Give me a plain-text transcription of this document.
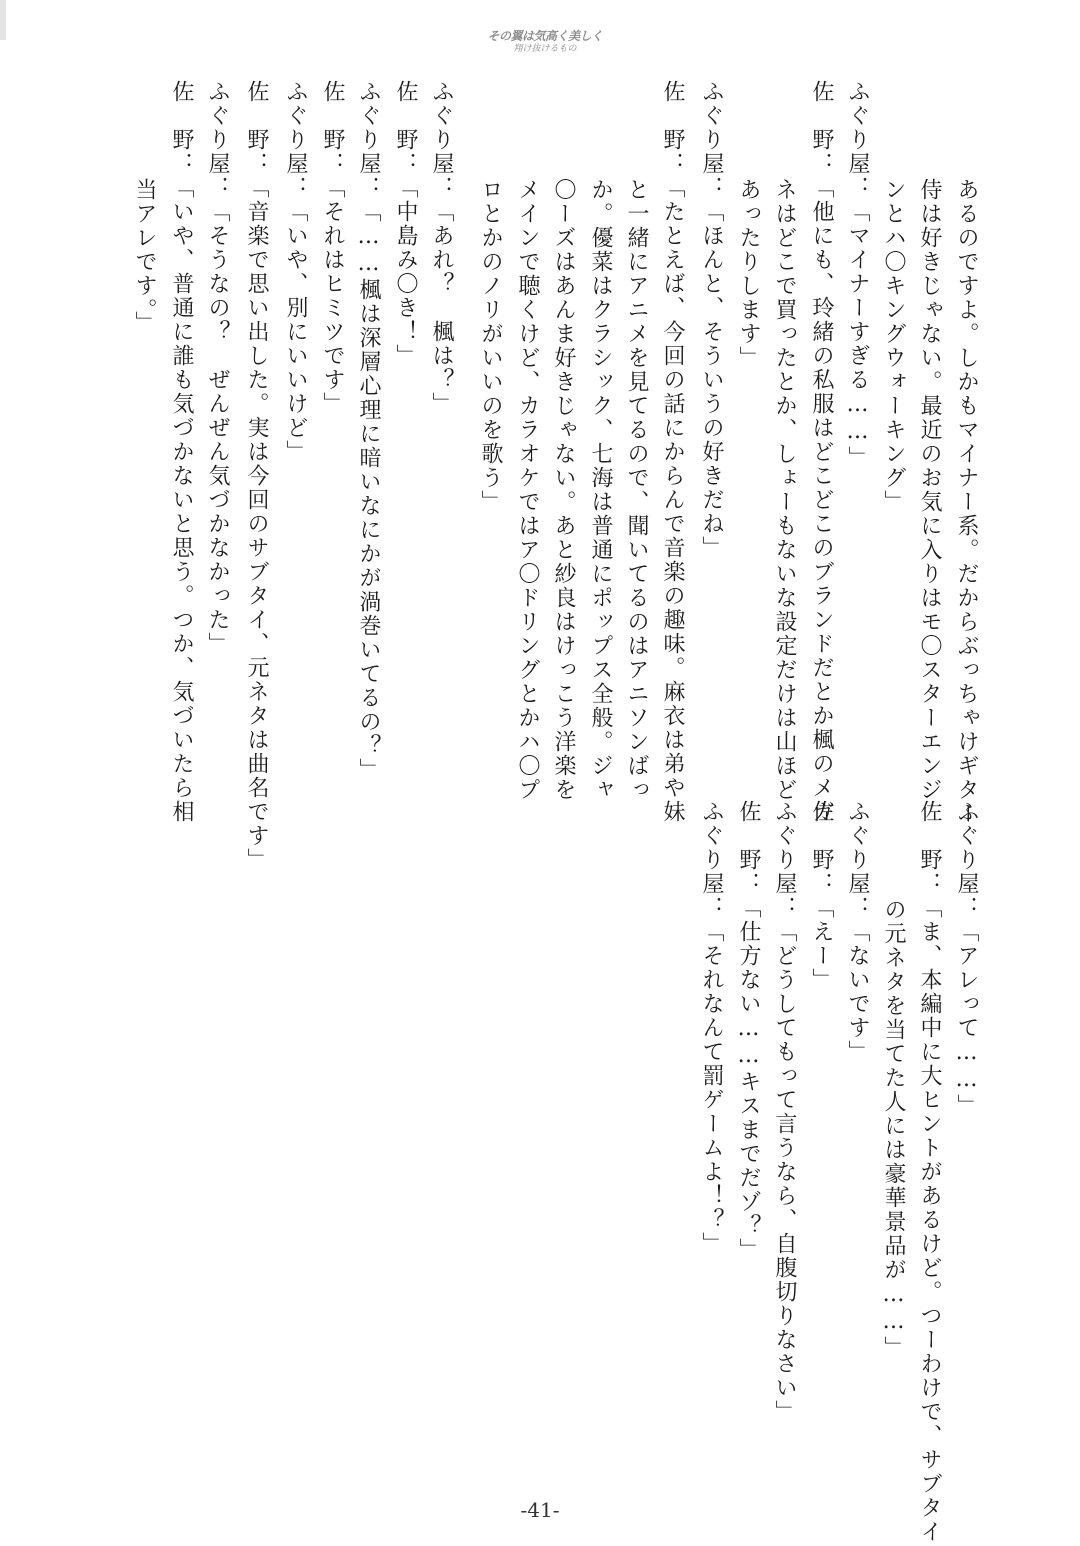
その翼は気高く美しく
翔け抜けるもの
あるのですよ。しかもマイナー系。だからぶっちゃけギター
侍は好きじゃない。最近のお気に入りはモ〇スターエンジ
ンとハ〇キングウォーキング」
ふぐり屋：「マイナーすぎる……」
佐　野：「他にも、玲緒の私服はどこどこのブランドだとか楓のメガ
ネはどこで買ったとか、しょーもないな設定だけは山ほど
あったりします」
ふぐり屋：「ほんと、そういうの好きだね」
佐　野：「たとえば、今回の話にからんで音楽の趣味。麻衣は弟や妹
と一緒にアニメを見てるので、聞いてるのはアニソンばっ
か。優菜はクラシック、七海は普通にポップス全般。ジャ
〇ーズはあんま好きじゃない。あと紗良はけっこう洋楽を
メインで聴くけど、カラオケではア〇ドリングとかハ〇プ
ロとかのノリがいいのを歌う」
ふぐり屋：「あれ？　楓は？」
佐　野：「中島み〇き！」
ふぐり屋：「……楓は深層心理に暗いなにかが渦巻いてるの？」
佐　野：「それはヒミツです」
ふぐり屋：「いや、別にいいけど」
佐　野：「音楽で思い出した。実は今回のサブタイ、元ネタは曲名です」
ふぐり屋：「そうなの？　ぜんぜん気づかなかった」
佐　野：「いや、普通に誰も気づかないと思う。つか、気づいたら相
当アレです。」
ふぐり屋：「アレって……」
佐　野：「ま、本編中に大ヒントがあるけど。つーわけで、サブタイ
の元ネタを当てた人には豪華景品が……」
ふぐり屋：「ないです」
佐　野：「えー」
ふぐり屋：「どうしてもって言うなら、自腹切りなさい」
佐　野：「仕方ない……キスまでだゾ？」
ふぐり屋：「それなんて罰ゲームよ！？」
-41-
